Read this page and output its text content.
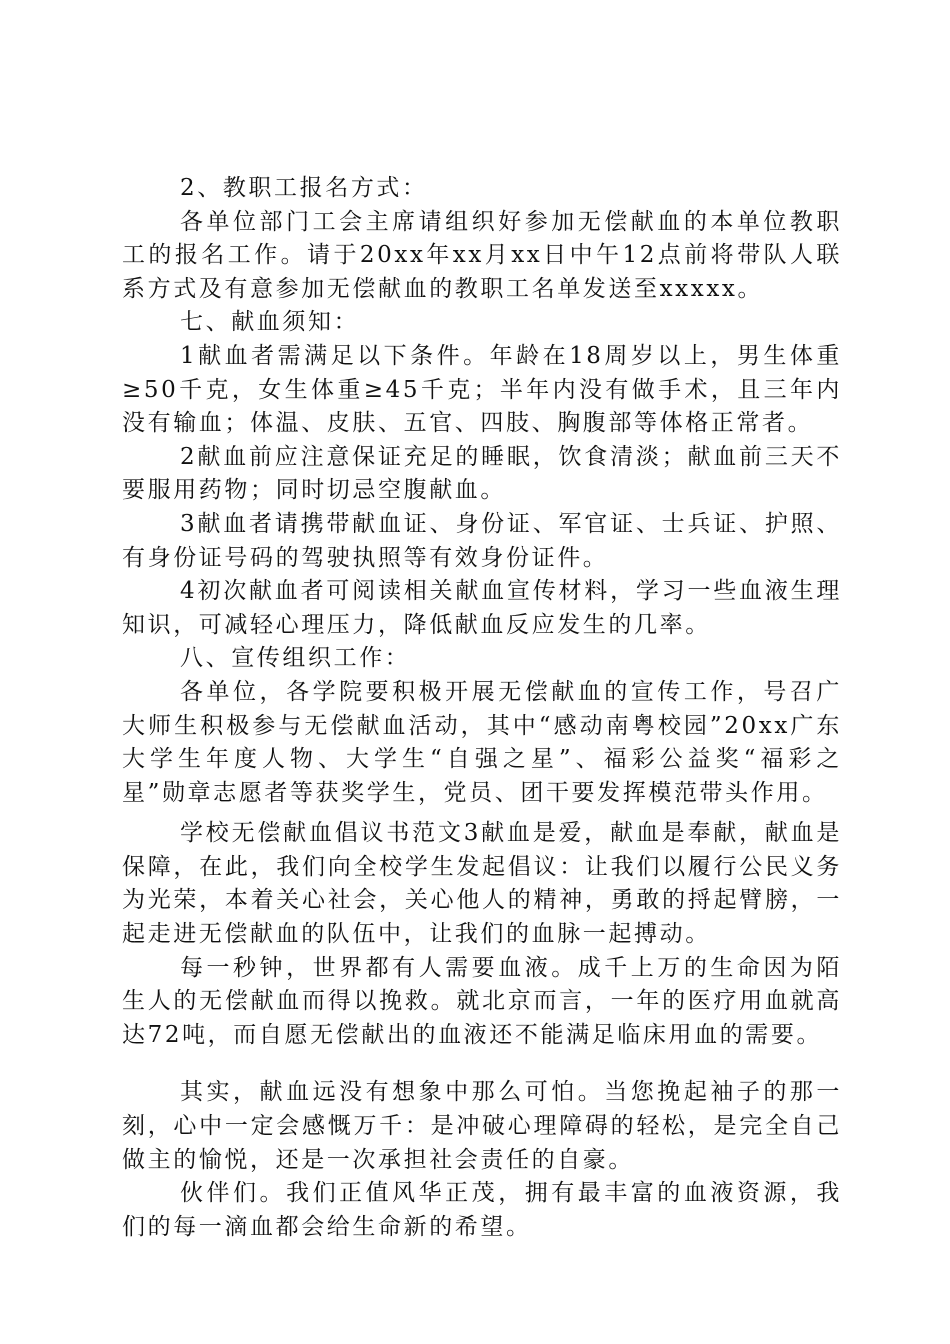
2、教职工报名方式：

各单位部门工会主席请组织好参加无偿献血的本单位教职工的报名工作。请于20xx年xx月xx日中午12点前将带队人联系方式及有意参加无偿献血的教职工名单发送至xxxxx。

七、献血须知：

1献血者需满足以下条件。年龄在18周岁以上，男生体重≥50千克，女生体重≥45千克；半年内没有做手术，且三年内没有输血；体温、皮肤、五官、四肢、胸腹部等体格正常者。

2献血前应注意保证充足的睡眠，饮食清淡；献血前三天不要服用药物；同时切忌空腹献血。

3献血者请携带献血证、身份证、军官证、士兵证、护照、有身份证号码的驾驶执照等有效身份证件。

4初次献血者可阅读相关献血宣传材料，学习一些血液生理知识，可减轻心理压力，降低献血反应发生的几率。

八、宣传组织工作：

各单位，各学院要积极开展无偿献血的宣传工作，号召广大师生积极参与无偿献血活动，其中“感动南粤校园”20xx广东大学生年度人物、大学生“自强之星”、福彩公益奖“福彩之星”勋章志愿者等获奖学生，党员、团干要发挥模范带头作用。

学校无偿献血倡议书范文3献血是爱，献血是奉献，献血是保障，在此，我们向全校学生发起倡议：让我们以履行公民义务为光荣，本着关心社会，关心他人的精神，勇敢的捋起臂膀，一起走进无偿献血的队伍中，让我们的血脉一起搏动。

每一秒钟，世界都有人需要血液。成千上万的生命因为陌生人的无偿献血而得以挽救。就北京而言，一年的医疗用血就高达72吨，而自愿无偿献出的血液还不能满足临床用血的需要。

其实，献血远没有想象中那么可怕。当您挽起袖子的那一刻，心中一定会感慨万千：是冲破心理障碍的轻松，是完全自己做主的愉悦，还是一次承担社会责任的自豪。

伙伴们。我们正值风华正茂，拥有最丰富的血液资源，我们的每一滴血都会给生命新的希望。
